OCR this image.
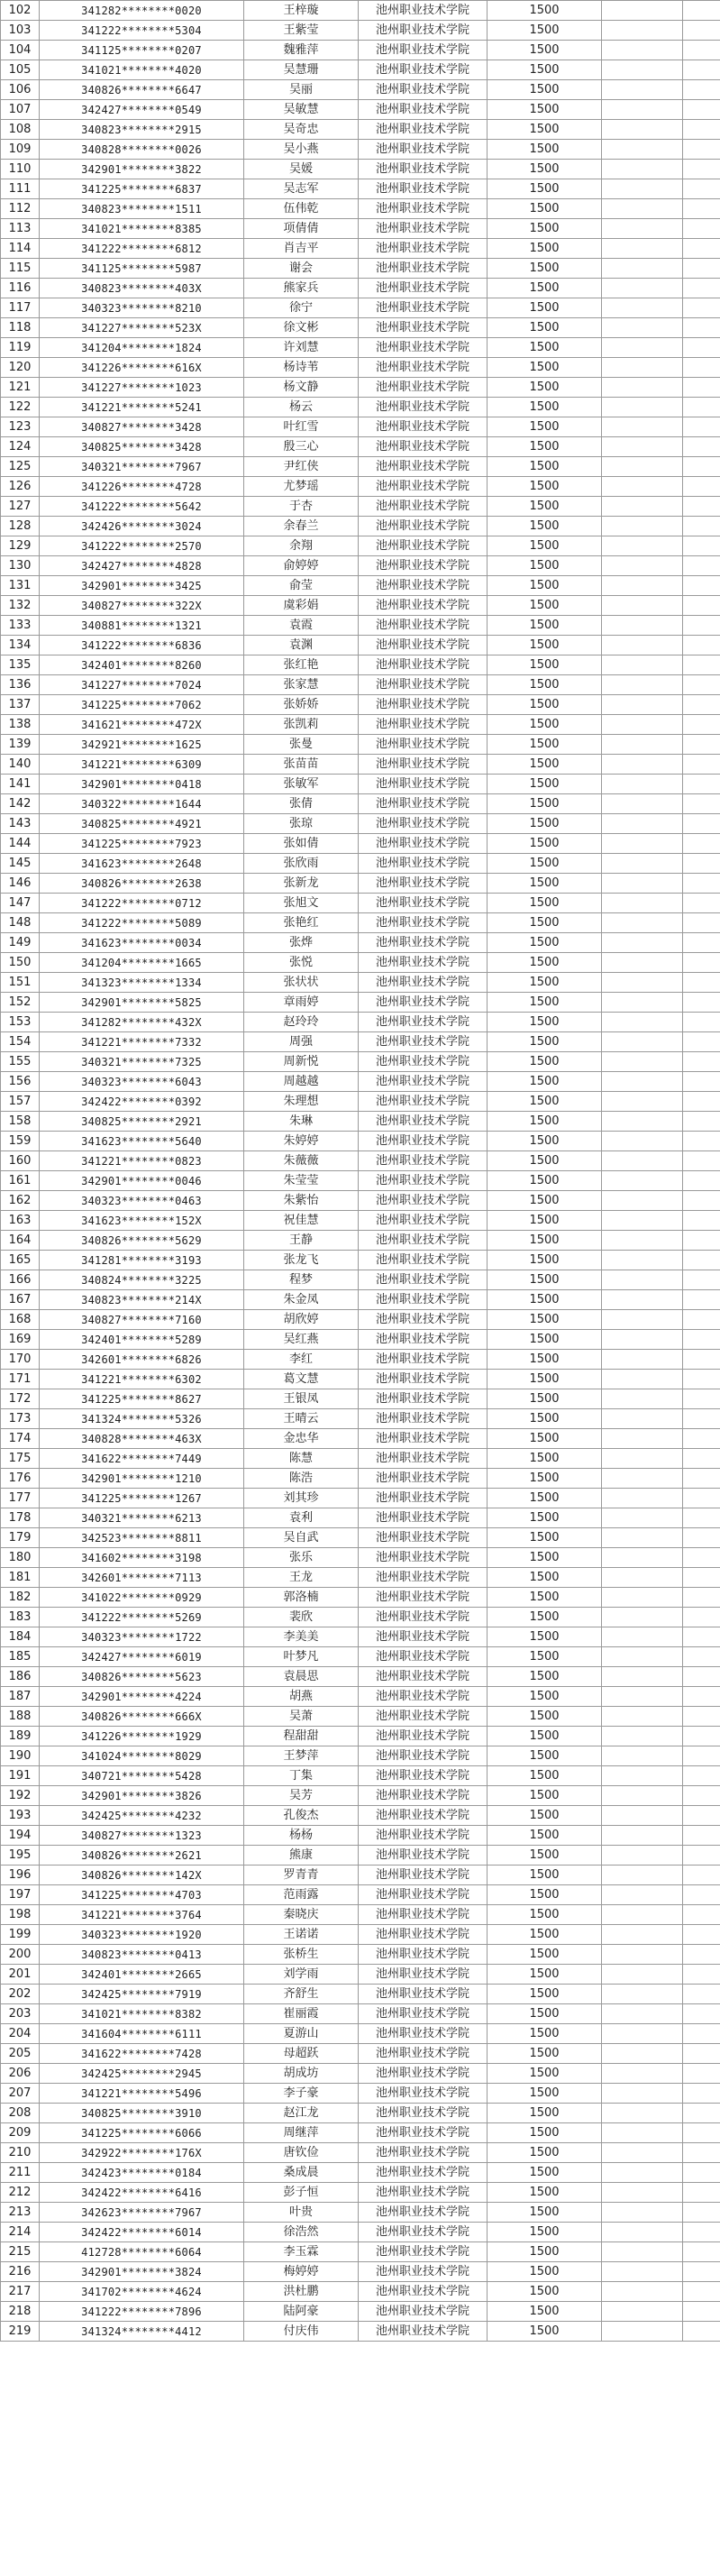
102	341282********0020	王梓璇	池州职业技术学院	1500		
103	341222********5304	王紫莹	池州职业技术学院	1500		
104	341125********0207	魏雅萍	池州职业技术学院	1500		
105	341021********4020	吴慧珊	池州职业技术学院	1500		
106	340826********6647	吴丽	池州职业技术学院	1500		
107	342427********0549	吴敏慧	池州职业技术学院	1500		
108	340823********2915	吴奇忠	池州职业技术学院	1500		
109	340828********0026	吴小燕	池州职业技术学院	1500		
110	342901********3822	吴媛	池州职业技术学院	1500		
111	341225********6837	吴志军	池州职业技术学院	1500		
112	340823********1511	伍伟乾	池州职业技术学院	1500		
113	341021********8385	项倩倩	池州职业技术学院	1500		
114	341222********6812	肖吉平	池州职业技术学院	1500		
115	341125********5987	谢会	池州职业技术学院	1500		
116	340823********403X	熊家兵	池州职业技术学院	1500		
117	340323********8210	徐宁	池州职业技术学院	1500		
118	341227********523X	徐文彬	池州职业技术学院	1500		
119	341204********1824	许刘慧	池州职业技术学院	1500		
120	341226********616X	杨诗苇	池州职业技术学院	1500		
121	341227********1023	杨文静	池州职业技术学院	1500		
122	341221********5241	杨云	池州职业技术学院	1500		
123	340827********3428	叶红雪	池州职业技术学院	1500		
124	340825********3428	殷三心	池州职业技术学院	1500		
125	340321********7967	尹红侠	池州职业技术学院	1500		
126	341226********4728	尤梦瑶	池州职业技术学院	1500		
127	341222********5642	于杏	池州职业技术学院	1500		
128	342426********3024	余春兰	池州职业技术学院	1500		
129	341222********2570	余翔	池州职业技术学院	1500		
130	342427********4828	俞婷婷	池州职业技术学院	1500		
131	342901********3425	俞莹	池州职业技术学院	1500		
132	340827********322X	虞彩娟	池州职业技术学院	1500		
133	340881********1321	袁霞	池州职业技术学院	1500		
134	341222********6836	袁渊	池州职业技术学院	1500		
135	342401********8260	张红艳	池州职业技术学院	1500		
136	341227********7024	张家慧	池州职业技术学院	1500		
137	341225********7062	张娇娇	池州职业技术学院	1500		
138	341621********472X	张凯莉	池州职业技术学院	1500		
139	342921********1625	张曼	池州职业技术学院	1500		
140	341221********6309	张苗苗	池州职业技术学院	1500		
141	342901********0418	张敏军	池州职业技术学院	1500		
142	340322********1644	张倩	池州职业技术学院	1500		
143	340825********4921	张琼	池州职业技术学院	1500		
144	341225********7923	张如倩	池州职业技术学院	1500		
145	341623********2648	张欣雨	池州职业技术学院	1500		
146	340826********2638	张新龙	池州职业技术学院	1500		
147	341222********0712	张旭文	池州职业技术学院	1500		
148	341222********5089	张艳红	池州职业技术学院	1500		
149	341623********0034	张烨	池州职业技术学院	1500		
150	341204********1665	张悦	池州职业技术学院	1500		
151	341323********1334	张状状	池州职业技术学院	1500		
152	342901********5825	章雨婷	池州职业技术学院	1500		
153	341282********432X	赵玲玲	池州职业技术学院	1500		
154	341221********7332	周强	池州职业技术学院	1500		
155	340321********7325	周新悦	池州职业技术学院	1500		
156	340323********6043	周越越	池州职业技术学院	1500		
157	342422********0392	朱理想	池州职业技术学院	1500		
158	340825********2921	朱琳	池州职业技术学院	1500		
159	341623********5640	朱婷婷	池州职业技术学院	1500		
160	341221********0823	朱薇薇	池州职业技术学院	1500		
161	342901********0046	朱莹莹	池州职业技术学院	1500		
162	340323********0463	朱紫怡	池州职业技术学院	1500		
163	341623********152X	祝佳慧	池州职业技术学院	1500		
164	340826********5629	王静	池州职业技术学院	1500		
165	341281********3193	张龙飞	池州职业技术学院	1500		
166	340824********3225	程梦	池州职业技术学院	1500		
167	340823********214X	朱金凤	池州职业技术学院	1500		
168	340827********7160	胡欣婷	池州职业技术学院	1500		
169	342401********5289	吴红燕	池州职业技术学院	1500		
170	342601********6826	李红	池州职业技术学院	1500		
171	341221********6302	葛文慧	池州职业技术学院	1500		
172	341225********8627	王银凤	池州职业技术学院	1500		
173	341324********5326	王晴云	池州职业技术学院	1500		
174	340828********463X	金忠华	池州职业技术学院	1500		
175	341622********7449	陈慧	池州职业技术学院	1500		
176	342901********1210	陈浩	池州职业技术学院	1500		
177	341225********1267	刘其珍	池州职业技术学院	1500		
178	340321********6213	袁利	池州职业技术学院	1500		
179	342523********8811	吴自武	池州职业技术学院	1500		
180	341602********3198	张乐	池州职业技术学院	1500		
181	342601********7113	王龙	池州职业技术学院	1500		
182	341022********0929	郭洛楠	池州职业技术学院	1500		
183	341222********5269	裴欣	池州职业技术学院	1500		
184	340323********1722	李美美	池州职业技术学院	1500		
185	342427********6019	叶梦凡	池州职业技术学院	1500		
186	340826********5623	袁晨思	池州职业技术学院	1500		
187	342901********4224	胡燕	池州职业技术学院	1500		
188	340826********666X	吴萧	池州职业技术学院	1500		
189	341226********1929	程甜甜	池州职业技术学院	1500		
190	341024********8029	王梦萍	池州职业技术学院	1500		
191	340721********5428	丁集	池州职业技术学院	1500		
192	342901********3826	吴芳	池州职业技术学院	1500		
193	342425********4232	孔俊杰	池州职业技术学院	1500		
194	340827********1323	杨杨	池州职业技术学院	1500		
195	340826********2621	熊康	池州职业技术学院	1500		
196	340826********142X	罗青青	池州职业技术学院	1500		
197	341225********4703	范雨露	池州职业技术学院	1500		
198	341221********3764	秦晓庆	池州职业技术学院	1500		
199	340323********1920	王诺诺	池州职业技术学院	1500		
200	340823********0413	张桥生	池州职业技术学院	1500		
201	342401********2665	刘学雨	池州职业技术学院	1500		
202	342425********7919	齐舒生	池州职业技术学院	1500		
203	341021********8382	崔丽霞	池州职业技术学院	1500		
204	341604********6111	夏游山	池州职业技术学院	1500		
205	341622********7428	母超跃	池州职业技术学院	1500		
206	342425********2945	胡成坊	池州职业技术学院	1500		
207	341221********5496	李子豪	池州职业技术学院	1500		
208	340825********3910	赵江龙	池州职业技术学院	1500		
209	341225********6066	周继萍	池州职业技术学院	1500		
210	342922********176X	唐钦俭	池州职业技术学院	1500		
211	342423********0184	桑成晨	池州职业技术学院	1500		
212	342422********6416	彭子恒	池州职业技术学院	1500		
213	342623********7967	叶贵	池州职业技术学院	1500		
214	342422********6014	徐浩然	池州职业技术学院	1500		
215	412728********6064	李玉霖	池州职业技术学院	1500		
216	342901********3824	梅婷婷	池州职业技术学院	1500		
217	341702********4624	洪杜鹏	池州职业技术学院	1500		
218	341222********7896	陆阿豪	池州职业技术学院	1500		
219	341324********4412	付庆伟	池州职业技术学院	1500		
